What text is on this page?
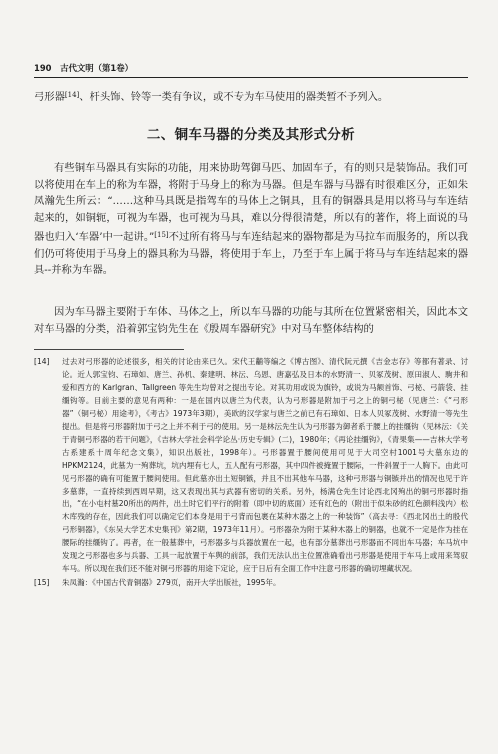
190 古代文明（第1卷）
弓形器[14]、杆头饰、铃等一类有争议，或不专为车马使用的器类暂不予列入。
二、铜车马器的分类及其形式分析
有些铜车马器具有实际的功能，用来协助驾御马匹、加固车子，有的则只是装饰品。我们可以将使用在车上的称为车器，将附于马身上的称为马器。但是车器与马器有时很难区分，正如朱凤瀚先生所云：“……这种马具既是指驾车的马体上之铜具，且有的铜器具是用以将马与车连结起来的，如铜轭，可视为车器，也可视为马具，难以分得很清楚，所以有的著作，将上面说的马器也归入‘车器’中一起讲。”[15]不过所有将马与车连结起来的器物都是为马拉车而服务的，所以我们仍可将使用于马身上的器具称为马器，将使用于车上，乃至于车上属于将马与车连结起来的器具--并称为车器。
因为车马器主要附于车体、马体之上，所以车马器的功能与其所在位置紧密相关，因此本文对车马器的分类，沿着郭宝钧先生在《殷周车器研究》中对马车整体结构的
[14] 过去对弓形器的论述很多，相关的讨论由来已久。宋代王黼等编之《博古图》、清代阮元撰《吉金志存》等都有著录、讨论。近人郭宝钧、石璋如、唐兰、孙机、秦建明、林沄、乌恩、唐嘉弘及日本的水野清一、贝冢茂树、原田淑人、駒井和爱和西方的 Karlgran、Tallgreen 等先生均曾对之提出专论。对其功用或说为旗铃，或说为马额首饰、弓柲、弓箭袋、挂缰钩等。目前主要的意见有两种：一是在国内以唐兰为代表，认为弓形器是附加于弓之上的铜弓柲（见唐兰：《“弓形器”（铜弓柲）用途考》，《考古》1973年3期），美欧的汉学家与唐兰之前已有石璋如、日本人贝冢茂树、水野清一等先生提出。但是将弓形器附加于弓之上并不利于弓的使用。另一是林沄先生认为弓形器为御者系于腰上的挂缰钩（见林沄：《关于青铜弓形器的若干问题》，《吉林大学社会科学论丛·历史专辑》(二)，1980年；《再论挂缰钩》，《青果集——吉林大学考古系建系十周年纪念文集》，知识出版社，1998年）。弓形器置于腰间使用可见于大司空村1001号大墓东边的HPKM2124，此墓为一殉葬坑，坑内埋有七人，五人配有弓形器，其中四件被掩置于腰际，一件斜置于一人胸下。由此可见弓形器的确有可能置于腰间使用。但此墓亦出土短铜镞，并且不出其他车马器，这种弓形器与铜镞并出的情况也见于许多墓葬，一直持续到西周早期，这又表现出其与武器有密切的关系。另外，杨满仓先生讨论西北冈殉出的铜弓形器时指出，“在小屯村墓20所出的两件，出土时它们平行的附着（即中切的底面）还有红色的（附出于似朱砂的红色颜料浅内）松木库残的存在，因此我们可以确定它们本身是用于弓背而包裹在某种木器之上的一种装饰”（高去寻：《西北冈出土的殷代弓形铜器》，《东吴大学艺术史集刊》第2期，1973年11月）。弓形器杂为附于某种木器上的铜器，也就不一定是作为挂在腰际的挂缰钩了。再者，在一般墓葬中，弓形器多与兵器放置在一起，也有部分墓葬出弓形器而不同出车马器；车马坑中发现之弓形器也多与兵器、工具一起放置于车舆的前部，我们无法认出主位置准确看出弓形器是使用于车马上或用来驾驭车马。所以现在我们还不能对铜弓形器的用途下定论，应于日后有全面工作中注意弓形器的确切埋藏状况。
[15] 朱凤瀚：《中国古代青铜器》279页，南开大学出版社，1995年。
